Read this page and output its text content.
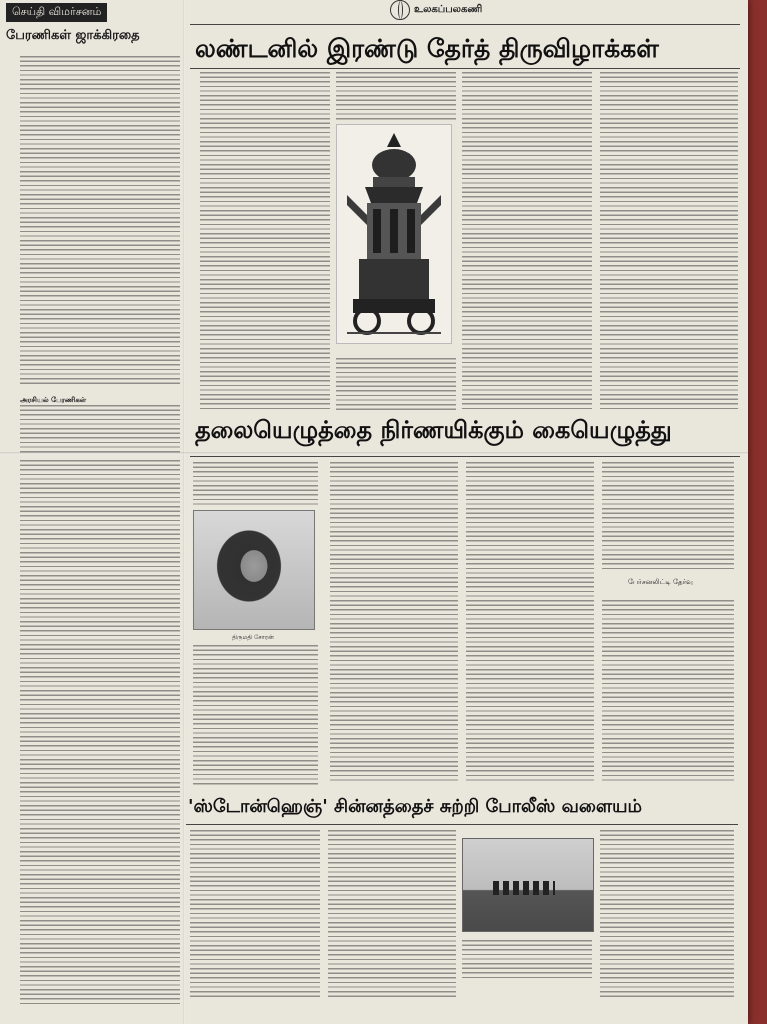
செய்தி விமர்சனம்
பேரணிகள் ஜாக்கிரதை
அரசியல் பேரணிகள்
உலகப்பலகணி
லண்டனில் இரண்டு தேர்த் திருவிழாக்கள்
தலையெழுத்தை நிர்ணயிக்கும் கையெழுத்து
திருமதி சோரன்
பேர்சனலிட்டி தேர்வு
'ஸ்டோன்ஹெஞ்' சின்னத்தைச் சுற்றி போலீஸ் வளையம்
